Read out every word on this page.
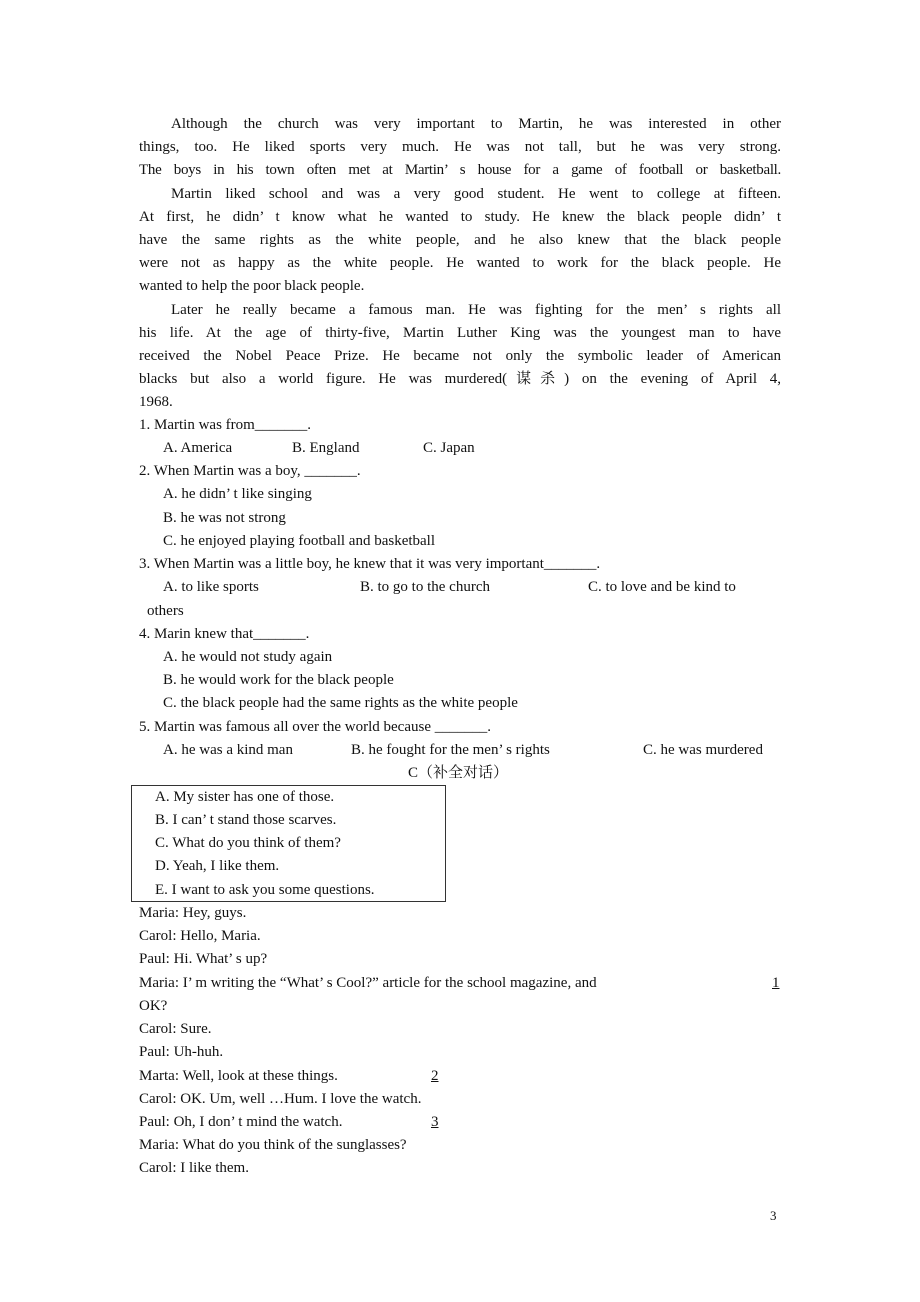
Although the church was very important to Martin, he was interested in other
things, too. He liked sports very much. He was not tall, but he was very strong.
The boys in his town often met at Martin’ s house for a game of football or basketball.
Martin liked school and was a very good student. He went to college at fifteen.
At first, he didn’ t know what he wanted to study. He knew the black people didn’ t
have the same rights as the white people, and he also knew that the black people
were not as happy as the white people. He wanted to work for the black people. He
wanted to help the poor black people.
Later he really became a famous man. He was fighting for the men’ s rights all
his life. At the age of thirty-five, Martin Luther King was the youngest man to have
received the Nobel Peace Prize. He became not only the symbolic leader of American
blacks but also a world figure. He was murdered(谋杀) on the evening of April 4,
1968.
1. Martin was from_______.
A. America	B. England	C. Japan
2. When Martin was a boy, _______.
A. he didn’ t like singing
B. he was not strong
C. he enjoyed playing football and basketball
3. When Martin was a little boy, he knew that it was very important_______.
A. to like sports	B. to go to the church	C. to love and be kind to
others
4. Marin knew that_______.
A. he would not study again
B. he would work for the black people
C. the black people had the same rights as the white people
5. Martin was famous all over the world because _______.
A. he was a kind man	B. he fought for the men’ s rights	C. he was murdered
C（补全对话）
A. My sister has one of those.
B. I can’ t stand those scarves.
C. What do you think of them?
D. Yeah, I like them.
E. I want to ask you some questions.
Maria: Hey, guys.
Carol: Hello, Maria.
Paul: Hi. What’ s up?
Maria: I’ m writing the “What’ s Cool?” article for the school magazine, and	1
OK?
Carol: Sure.
Paul: Uh-huh.
Marta: Well, look at these things.	2
Carol: OK. Um, well …Hum. I love the watch.
Paul: Oh, I don’ t mind the watch.	3
Maria: What do you think of the sunglasses?
Carol: I like them.
3
